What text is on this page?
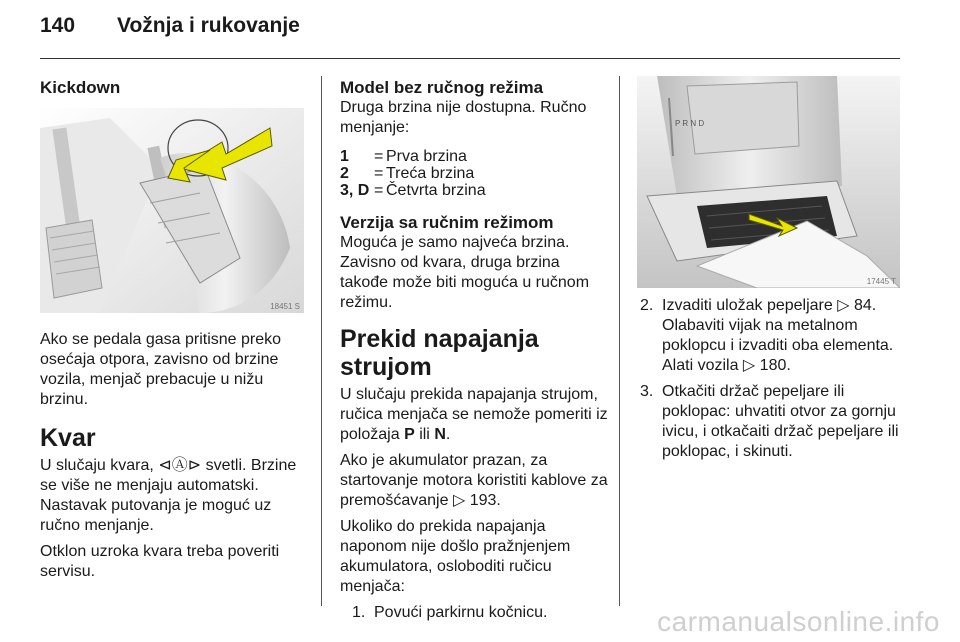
140 Vožnja i rukovanje
Kickdown
18451 S

Ako se pedala gasa pritisne preko osećaja otpora, zavisno od brzine vozila, menjač prebacuje u nižu brzinu.

Kvar

U slučaju kvara, ⊲Ⓐ⊳ svetli. Brzine se više ne menjaju automatski. Nastavak putovanja je moguć uz ručno menjanje.

Otklon uzroka kvara treba poveriti servisu.

Model bez ručnog režima

Druga brzina nije dostupna. Ručno menjanje:

1	=	Prva brzina
2	=	Treća brzina
3, D	=	Četvrta brzina
Verzija sa ručnim režimom

Moguća je samo najveća brzina. Zavisno od kvara, druga brzina takođe može biti moguća u ručnom režimu.

Prekid napajanja strujom

U slučaju prekida napajanja strujom, ručica menjača se nemože pomeriti iz položaja P ili N.

Ako je akumulator prazan, za startovanje motora koristiti kablove za premošćavanje ▷ 193.

Ukoliko do prekida napajanja naponom nije došlo pražnjenjem akumulatora, osloboditi ručicu menjača:

1. Povući parkirnu kočnicu.
P R N D
17445 T
2. Izvaditi uložak pepeljare ▷ 84. Olabaviti vijak na metalnom poklopcu i izvaditi oba elementa. Alati vozila ▷ 180.
3. Otkačiti držač pepeljare ili poklopac: uhvatiti otvor za gornju ivicu, i otkačaiti držač pepeljare ili poklopac, i skinuti.
carmanualsonline.info
